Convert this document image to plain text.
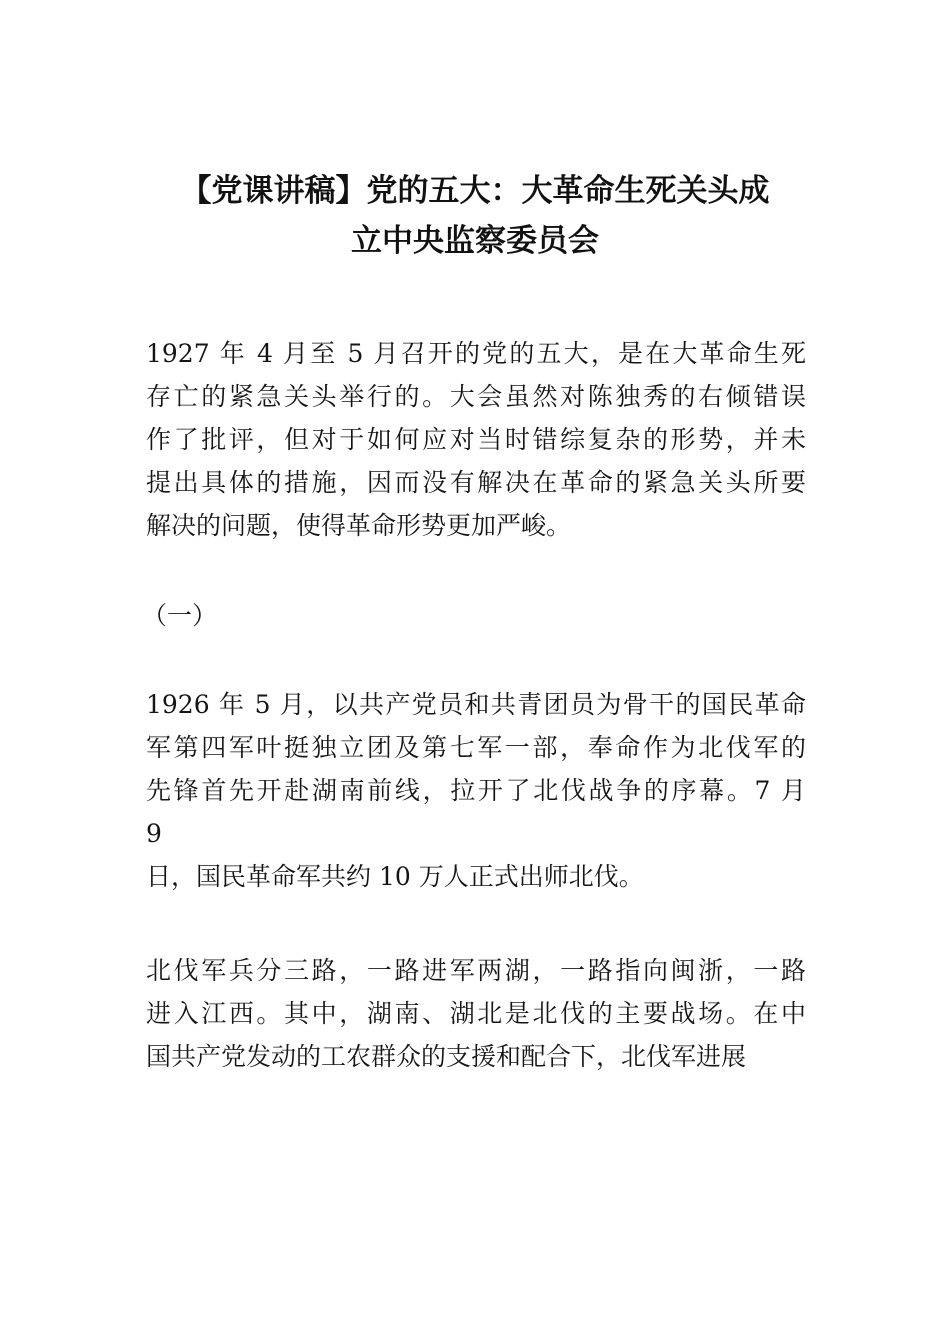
【党课讲稿】党的五大：大革命生死关头成
立中央监察委员会

1927 年 4 月至 5 月召开的党的五大，是在大革命生死

存亡的紧急关头举行的。大会虽然对陈独秀的右倾错误

作了批评，但对于如何应对当时错综复杂的形势，并未

提出具体的措施，因而没有解决在革命的紧急关头所要

解决的问题，使得革命形势更加严峻。

（一）

1926 年 5 月，以共产党员和共青团员为骨干的国民革命

军第四军叶挺独立团及第七军一部，奉命作为北伐军的

先锋首先开赴湖南前线，拉开了北伐战争的序幕。7 月

9

日，国民革命军共约 10 万人正式出师北伐。

北伐军兵分三路，一路进军两湖，一路指向闽浙，一路

进入江西。其中，湖南、湖北是北伐的主要战场。在中

国共产党发动的工农群众的支援和配合下，北伐军进展
